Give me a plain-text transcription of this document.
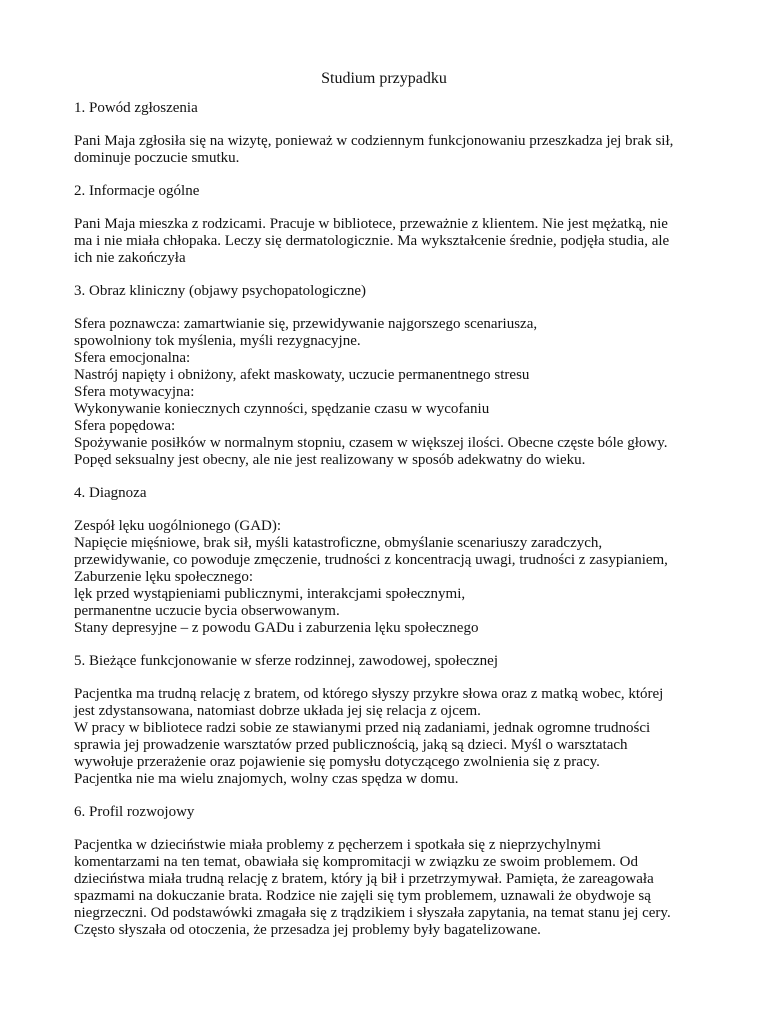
Studium przypadku
1. Powód zgłoszenia
Pani Maja zgłosiła się na wizytę, ponieważ w codziennym funkcjonowaniu przeszkadza jej brak sił,
dominuje poczucie smutku.
2. Informacje ogólne
Pani Maja mieszka z rodzicami. Pracuje w bibliotece, przeważnie z klientem. Nie jest mężatką, nie
ma i nie miała chłopaka. Leczy się dermatologicznie. Ma wykształcenie średnie, podjęła studia, ale
ich nie zakończyła
3. Obraz kliniczny (objawy psychopatologiczne)
Sfera poznawcza: zamartwianie się, przewidywanie najgorszego scenariusza,
spowolniony tok myślenia, myśli rezygnacyjne.
Sfera emocjonalna:
Nastrój napięty i obniżony, afekt maskowaty, uczucie permanentnego stresu
Sfera motywacyjna:
Wykonywanie koniecznych czynności, spędzanie czasu w wycofaniu
Sfera popędowa:
Spożywanie posiłków w normalnym stopniu, czasem w większej ilości. Obecne częste bóle głowy.
Popęd seksualny jest obecny, ale nie jest realizowany w sposób adekwatny do wieku.
4. Diagnoza
Zespół lęku uogólnionego (GAD):
Napięcie mięśniowe, brak sił, myśli katastroficzne, obmyślanie scenariuszy zaradczych,
przewidywanie, co powoduje zmęczenie, trudności z koncentracją uwagi, trudności z zasypianiem,
Zaburzenie lęku społecznego:
lęk przed wystąpieniami publicznymi, interakcjami społecznymi,
permanentne uczucie bycia obserwowanym.
Stany depresyjne – z powodu GADu i zaburzenia lęku społecznego
5. Bieżące funkcjonowanie w sferze rodzinnej, zawodowej, społecznej
Pacjentka ma trudną relację z bratem, od którego słyszy przykre słowa oraz z matką wobec, której
jest zdystansowana, natomiast dobrze układa jej się relacja z ojcem.
W pracy w bibliotece radzi sobie ze stawianymi przed nią zadaniami, jednak ogromne trudności
sprawia jej prowadzenie warsztatów przed publicznością, jaką są dzieci. Myśl o warsztatach
wywołuje przerażenie oraz pojawienie się pomysłu dotyczącego zwolnienia się z pracy.
Pacjentka nie ma wielu znajomych, wolny czas spędza w domu.
6. Profil rozwojowy
Pacjentka w dzieciństwie miała problemy z pęcherzem i spotkała się z nieprzychylnymi
komentarzami na ten temat, obawiała się kompromitacji w związku ze swoim problemem. Od
dzieciństwa miała trudną relację z bratem, który ją bił i przetrzymywał. Pamięta, że zareagowała
spazmami na dokuczanie brata. Rodzice nie zajęli się tym problemem, uznawali że obydwoje są
niegrzeczni. Od podstawówki zmagała się z trądzikiem i słyszała zapytania, na temat stanu jej cery.
Często słyszała od otoczenia, że przesadza jej problemy były bagatelizowane.
